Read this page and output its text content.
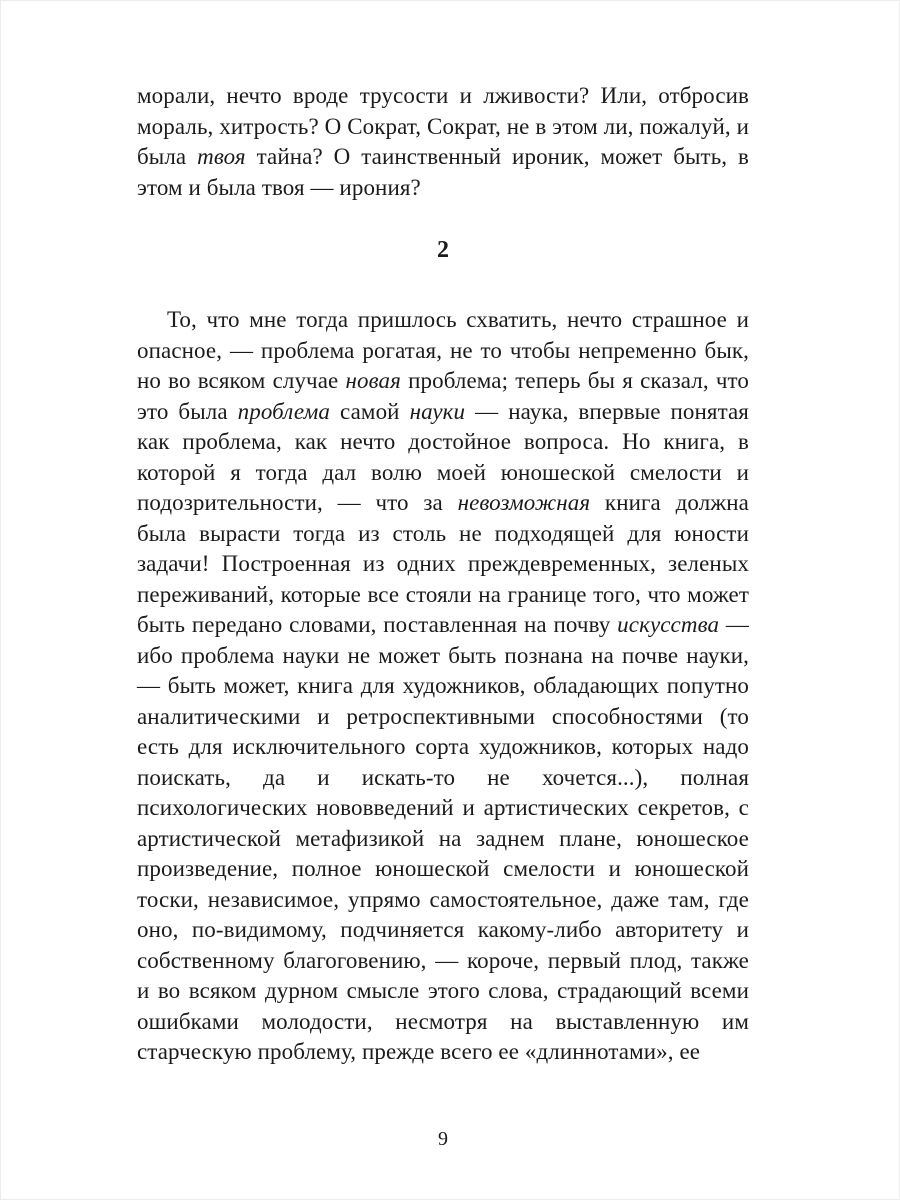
морали, нечто вроде трусости и лживости? Или, отбросив мораль, хитрость? О Сократ, Сократ, не в этом ли, пожалуй, и была твоя тайна? О таинственный ироник, может быть, в этом и была твоя — ирония?

2

То, что мне тогда пришлось схватить, нечто страшное и опасное, — проблема рогатая, не то чтобы непременно бык, но во всяком случае новая проблема; теперь бы я сказал, что это была проблема самой науки — наука, впервые понятая как проблема, как нечто достойное вопроса. Но книга, в которой я тогда дал волю моей юношеской смелости и подозрительности, — что за невозможная книга должна была вырасти тогда из столь не подходящей для юности задачи! Построенная из одних преждевременных, зеленых переживаний, которые все стояли на границе того, что может быть передано словами, поставленная на почву искусства — ибо проблема науки не может быть познана на почве науки, — быть может, книга для художников, обладающих попутно аналитическими и ретроспективными способностями (то есть для исключительного сорта художников, которых надо поискать, да и искать-то не хочется...), полная психологических нововведений и артистических секретов, с артистической метафизикой на заднем плане, юношеское произведение, полное юношеской смелости и юношеской тоски, независимое, упрямо самостоятельное, даже там, где оно, по-видимому, подчиняется какому-либо авторитету и собственному благоговению, — короче, первый плод, также и во всяком дурном смысле этого слова, страдающий всеми ошибками молодости, несмотря на выставленную им старческую проблему, прежде всего ее «длиннотами», ее

9
